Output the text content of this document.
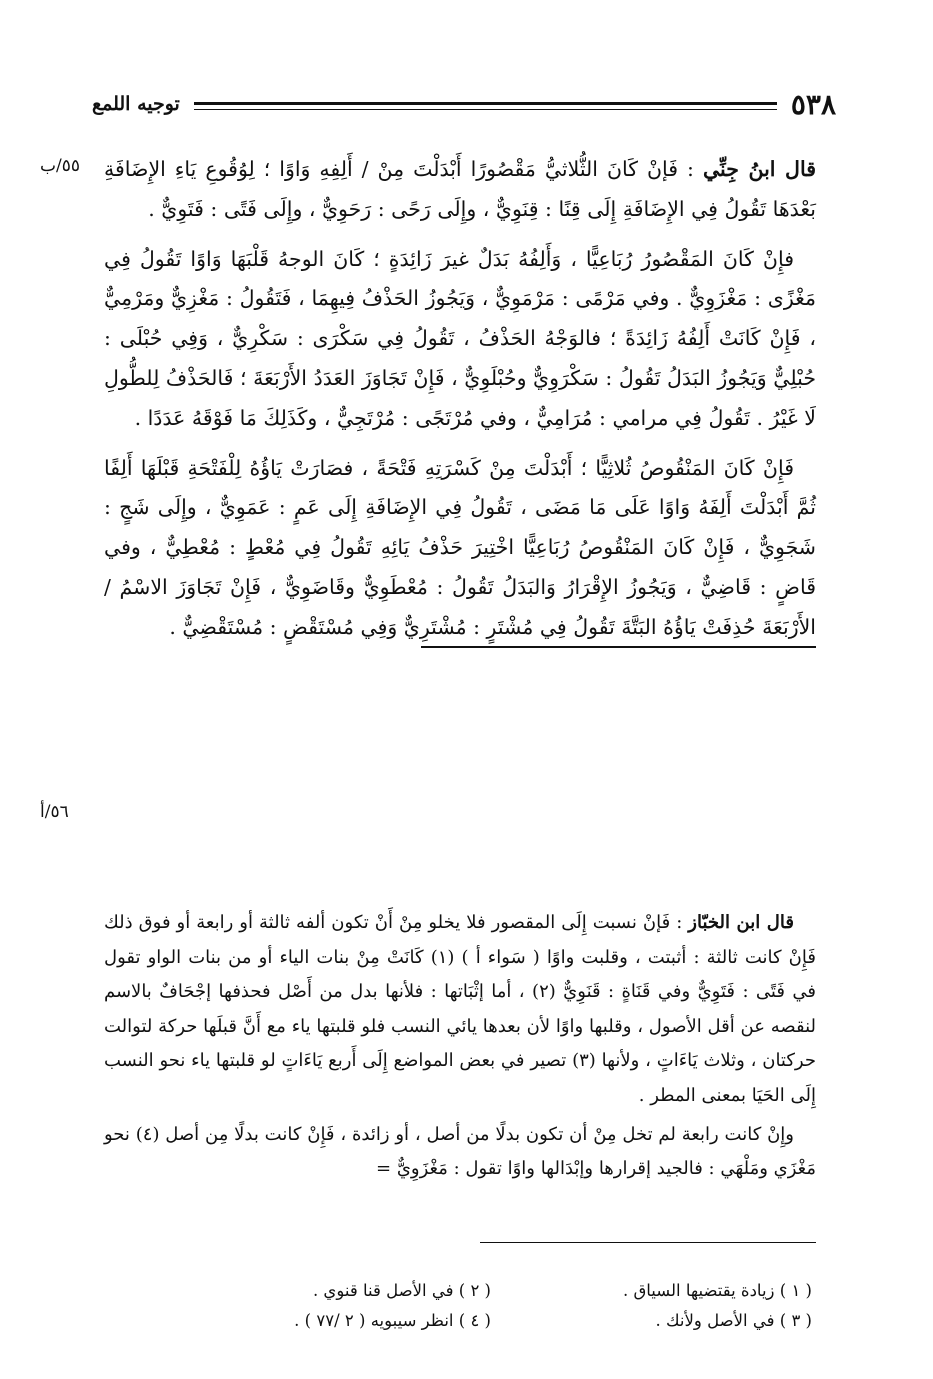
٥٣٨
توجيه اللمع
٥٥/ب
٥٦/أ

قال ابنُ جِنِّي : فَإنْ كَانَ الثُّلاثيُّ مَقْصُورًا أَبْدَلْتَ مِنْ / أَلِفِهِ وَاوًا ؛ لِوُقُوعِ يَاءِ الإِضَافَةِ بَعْدَهَا تَقُولُ فِي الإِضَافَةِ إِلَى قِنًا : قِنَوِيٌّ ، وإِلَى رَحًى : رَحَوِيٌّ ، وإِلَى فَتًى : فَتَوِيٌّ .

فإِنْ كَانَ المَقْصُورُ رُبَاعِيًّا ، وَأَلِفُهُ بَدَلٌ غيرَ زَائِدَةٍ ؛ كَانَ الوجهُ قَلْبَهَا وَاوًا تَقُولُ فِي مَغْزًى : مَغْزَوِيٌّ . وفي مَرْمًى : مَرْمَوِيٌّ ، وَيَجُوزُ الحَذْفُ فِيهِمَا ، فَتَقُولُ : مَغْزِيٌّ ومَرْمِيٌّ ، فَإِنْ كَانَتْ أَلِفُهُ زَائِدَةً ؛ فالوَجْهُ الحَذْفُ ، تَقُولُ فِي سَكْرَى : سَكْرِيٌّ ، وَفِي حُبْلَى : حُبْلِيٌّ وَيَجُوزُ البَدَلُ تَقُولُ : سَكْرَوِيٌّ وحُبْلَوِيٌّ ، فَإِنْ تَجَاوَزَ العَدَدُ الأَرْبَعَةَ ؛ فَالحَذْفُ لِلطُّولِ لَا غَيْرُ . تَقُولُ فِي مرامي : مُرَامِيٌّ ، وفي مُرْتَجًى : مُرْتَجِيٌّ ، وكَذَلِكَ مَا فَوْقَهُ عَدَدًا .

فَإِنْ كَانَ المَنْقُوصُ ثُلاثِيًّا ؛ أَبْدَلْتَ مِنْ كَسْرَتِهِ فَتْحَةً ، فصَارَتْ يَاؤُهُ لِلْفَتْحَةِ قَبْلَهَا أَلِفًا ثُمَّ أَبْدَلْتَ أَلِفَهُ وَاوًا عَلَى مَا مَضَى ، تَقُولُ فِي الإِضَافَةِ إِلَى عَمٍ : عَمَوِيٌّ ، وإِلَى شَجٍ : شَجَوِيٌّ ، فَإِنْ كَانَ المَنْقُوصُ رُبَاعِيًّا اخْتِيرَ حَذْفُ يَائِهِ تَقُولُ فِي مُعْطٍ : مُعْطِيٌّ ، وفي قَاضٍ : قَاضِيٌّ ، وَيَجُوزُ الإِقْرَارُ وَالبَدَلُ تَقُولُ : مُعْطَوِيٌّ وقَاضَوِيٌّ ، فَإِنْ تَجَاوَزَ الاسْمُ / الأَرْبَعَةَ حُذِفَتْ يَاؤُهُ البَتَّةَ تَقُولُ فِي مُشْتَرٍ : مُشْتَرِيٌّ وَفِي مُسْتَقْضٍ : مُسْتَقْضِيٌّ .

قال ابن الخبّاز : فَإنْ نسبت إِلَى المقصور فلا يخلو مِنْ أَنْ تكون ألفه ثالثة أو رابعة أو فوق ذلك فَإِنْ كانت ثالثة : أثبتت ، وقلبت واوًا ( سَواء أ ) (١) كَانَتْ مِنْ بنات الياء أو من بنات الواو تقول في فَتًى : فَتَوِيٌّ وفي قَنَاةٍ : قَنَوِيٌّ (٢) ، أما إثْبَاتها : فلأنها بدل من أَصْل فحذفها إجْحَافٌ بالاسم لنقصه عن أقل الأصول ، وقلبها واوًا لأن بعدها يائي النسب فلو قلبتها ياء مع أَنَّ قبلَها حركة لتوالت حركتان ، وثلاث يَاءَاتٍ ، ولأنها (٣) تصير في بعض المواضع إِلَى أَربع يَاءَاتٍ لو قلبتها ياء نحو النسب إِلَى الحَيَا بمعنى المطر .

وإِنْ كانت رابعة لم تخل مِنْ أن تكون بدلًا من أصل ، أو زائدة ، فَإِنْ كانت بدلًا مِن أصل (٤) نحو مَغْزَي ومَلْهَي : فالجيد إقرارها وإبْدَالها واوًا تقول : مَغْزَوِيٌّ =

( ١ ) زيادة يقتضيها السياق .
( ٢ ) في الأصل قنا قنوي .
( ٣ ) في الأصل ولأنك .
( ٤ ) انظر سيبويه ( ٢ /٧٧ ) .
